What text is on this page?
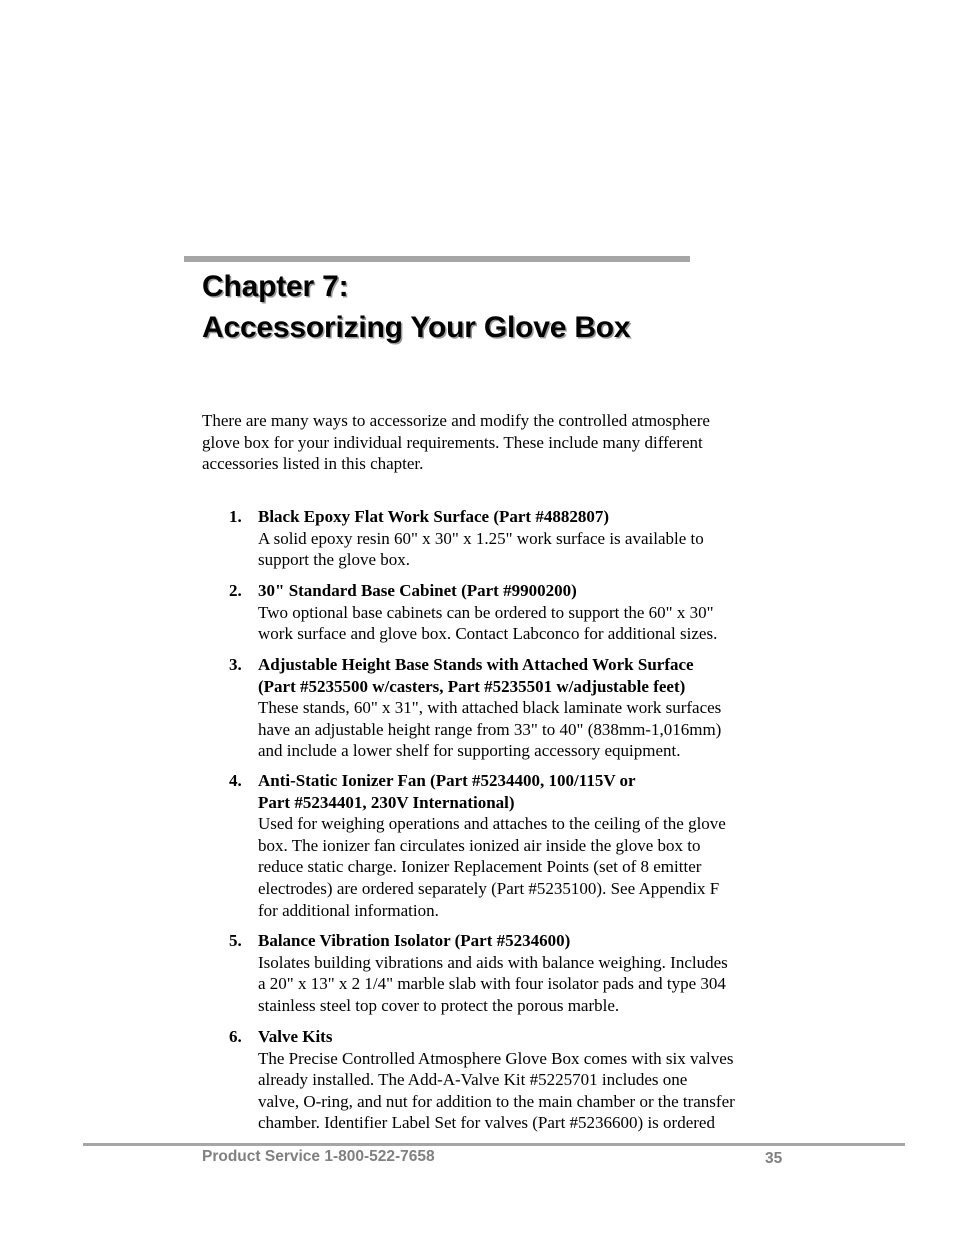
Chapter 7:
Accessorizing Your Glove Box

There are many ways to accessorize and modify the controlled atmosphere
glove box for your individual requirements. These include many different
accessories listed in this chapter.

1. Black Epoxy Flat Work Surface (Part #4882807)
A solid epoxy resin 60" x 30" x 1.25" work surface is available to
support the glove box.
2. 30" Standard Base Cabinet (Part #9900200)
Two optional base cabinets can be ordered to support the 60" x 30"
work surface and glove box. Contact Labconco for additional sizes.
3. Adjustable Height Base Stands with Attached Work Surface
(Part #5235500 w/casters, Part #5235501 w/adjustable feet)
These stands, 60" x 31", with attached black laminate work surfaces
have an adjustable height range from 33" to 40" (838mm-1,016mm)
and include a lower shelf for supporting accessory equipment.
4. Anti-Static Ionizer Fan (Part #5234400, 100/115V or
Part #5234401, 230V International)
Used for weighing operations and attaches to the ceiling of the glove
box. The ionizer fan circulates ionized air inside the glove box to
reduce static charge. Ionizer Replacement Points (set of 8 emitter
electrodes) are ordered separately (Part #5235100). See Appendix F
for additional information.
5. Balance Vibration Isolator (Part #5234600)
Isolates building vibrations and aids with balance weighing. Includes
a 20" x 13" x 2 1/4" marble slab with four isolator pads and type 304
stainless steel top cover to protect the porous marble.
6. Valve Kits
The Precise Controlled Atmosphere Glove Box comes with six valves
already installed. The Add-A-Valve Kit #5225701 includes one
valve, O-ring, and nut for addition to the main chamber or the transfer
chamber. Identifier Label Set for valves (Part #5236600) is ordered
Product Service 1-800-522-7658	35
